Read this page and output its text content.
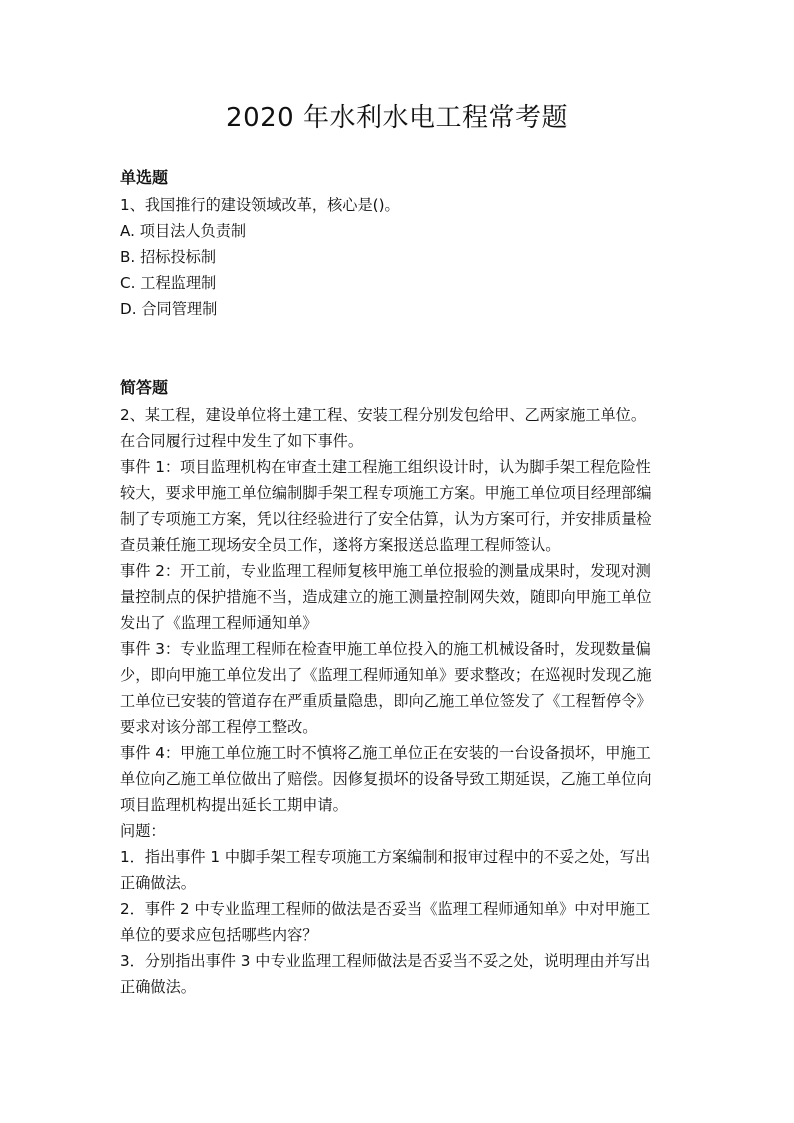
2020 年水利水电工程常考题
单选题
1、我国推行的建设领域改革，核心是()。
A. 项目法人负责制
B. 招标投标制
C. 工程监理制
D. 合同管理制
简答题
2、某工程，建设单位将土建工程、安装工程分别发包给甲、乙两家施工单位。
在合同履行过程中发生了如下事件。
事件 1：项目监理机构在审查土建工程施工组织设计时，认为脚手架工程危险性
较大，要求甲施工单位编制脚手架工程专项施工方案。甲施工单位项目经理部编
制了专项施工方案，凭以往经验进行了安全估算，认为方案可行，并安排质量检
查员兼任施工现场安全员工作，遂将方案报送总监理工程师签认。
事件 2：开工前，专业监理工程师复核甲施工单位报验的测量成果时，发现对测
量控制点的保护措施不当，造成建立的施工测量控制网失效，随即向甲施工单位
发出了《监理工程师通知单》
事件 3：专业监理工程师在检查甲施工单位投入的施工机械设备时，发现数量偏
少，即向甲施工单位发出了《监理工程师通知单》要求整改；在巡视时发现乙施
工单位已安装的管道存在严重质量隐患，即向乙施工单位签发了《工程暂停令》
要求对该分部工程停工整改。
事件 4：甲施工单位施工时不慎将乙施工单位正在安装的一台设备损坏，甲施工
单位向乙施工单位做出了赔偿。因修复损坏的设备导致工期延误，乙施工单位向
项目监理机构提出延长工期申请。
问题：
1．指出事件 1 中脚手架工程专项施工方案编制和报审过程中的不妥之处，写出
正确做法。
2．事件 2 中专业监理工程师的做法是否妥当《监理工程师通知单》中对甲施工
单位的要求应包括哪些内容？
3．分别指出事件 3 中专业监理工程师做法是否妥当不妥之处，说明理由并写出
正确做法。
